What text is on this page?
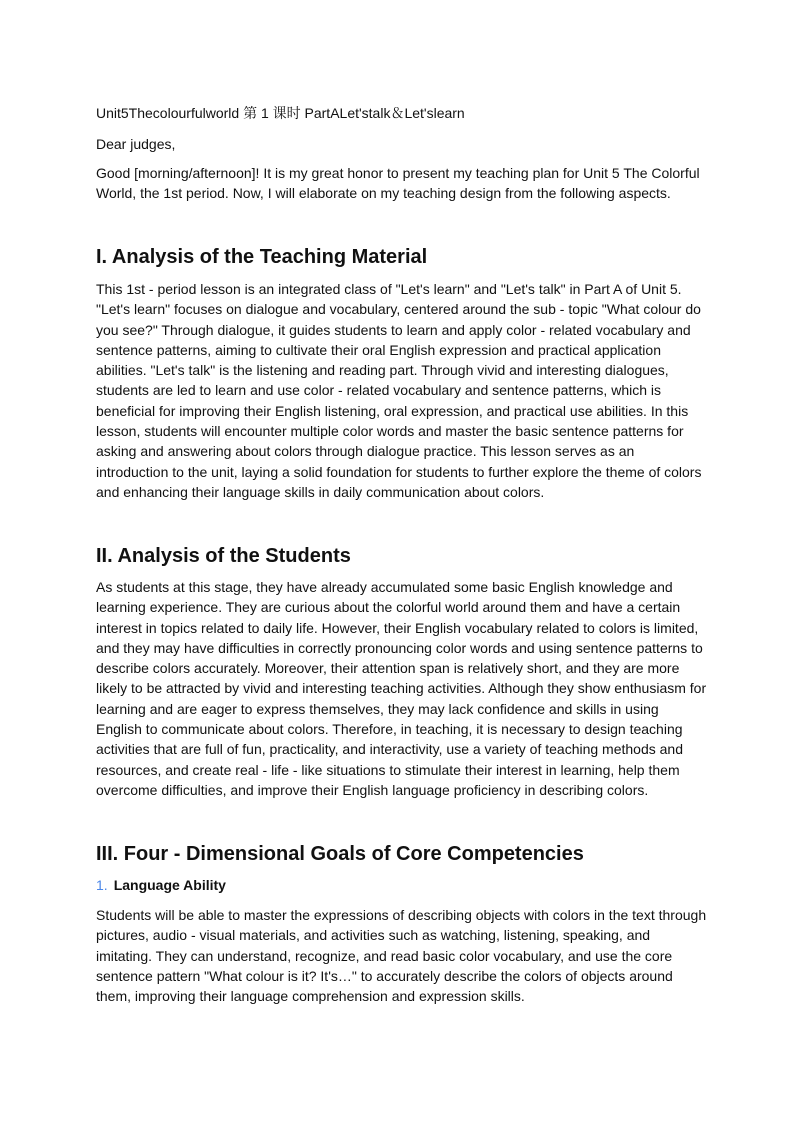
Unit5Thecolourfulworld 第 1 课时 PartALet'stalk＆Let'slearn
Dear judges,

Good [morning/afternoon]! It is my great honor to present my teaching plan for Unit 5 The Colorful World, the 1st period. Now, I will elaborate on my teaching design from the following aspects.

I. Analysis of the Teaching Material

This 1st - period lesson is an integrated class of "Let's learn" and "Let's talk" in Part A of Unit 5. "Let's learn" focuses on dialogue and vocabulary, centered around the sub - topic "What colour do you see?" Through dialogue, it guides students to learn and apply color - related vocabulary and sentence patterns, aiming to cultivate their oral English expression and practical application abilities. "Let's talk" is the listening and reading part. Through vivid and interesting dialogues, students are led to learn and use color - related vocabulary and sentence patterns, which is beneficial for improving their English listening, oral expression, and practical use abilities. In this lesson, students will encounter multiple color words and master the basic sentence patterns for asking and answering about colors through dialogue practice. This lesson serves as an introduction to the unit, laying a solid foundation for students to further explore the theme of colors and enhancing their language skills in daily communication about colors.

II. Analysis of the Students

As students at this stage, they have already accumulated some basic English knowledge and learning experience. They are curious about the colorful world around them and have a certain interest in topics related to daily life. However, their English vocabulary related to colors is limited, and they may have difficulties in correctly pronouncing color words and using sentence patterns to describe colors accurately. Moreover, their attention span is relatively short, and they are more likely to be attracted by vivid and interesting teaching activities. Although they show enthusiasm for learning and are eager to express themselves, they may lack confidence and skills in using English to communicate about colors. Therefore, in teaching, it is necessary to design teaching activities that are full of fun, practicality, and interactivity, use a variety of teaching methods and resources, and create real - life - like situations to stimulate their interest in learning, help them overcome difficulties, and improve their English language proficiency in describing colors.

III. Four - Dimensional Goals of Core Competencies
1. Language Ability

Students will be able to master the expressions of describing objects with colors in the text through pictures, audio - visual materials, and activities such as watching, listening, speaking, and imitating. They can understand, recognize, and read basic color vocabulary, and use the core sentence pattern "What colour is it? It's…" to accurately describe the colors of objects around them, improving their language comprehension and expression skills.
